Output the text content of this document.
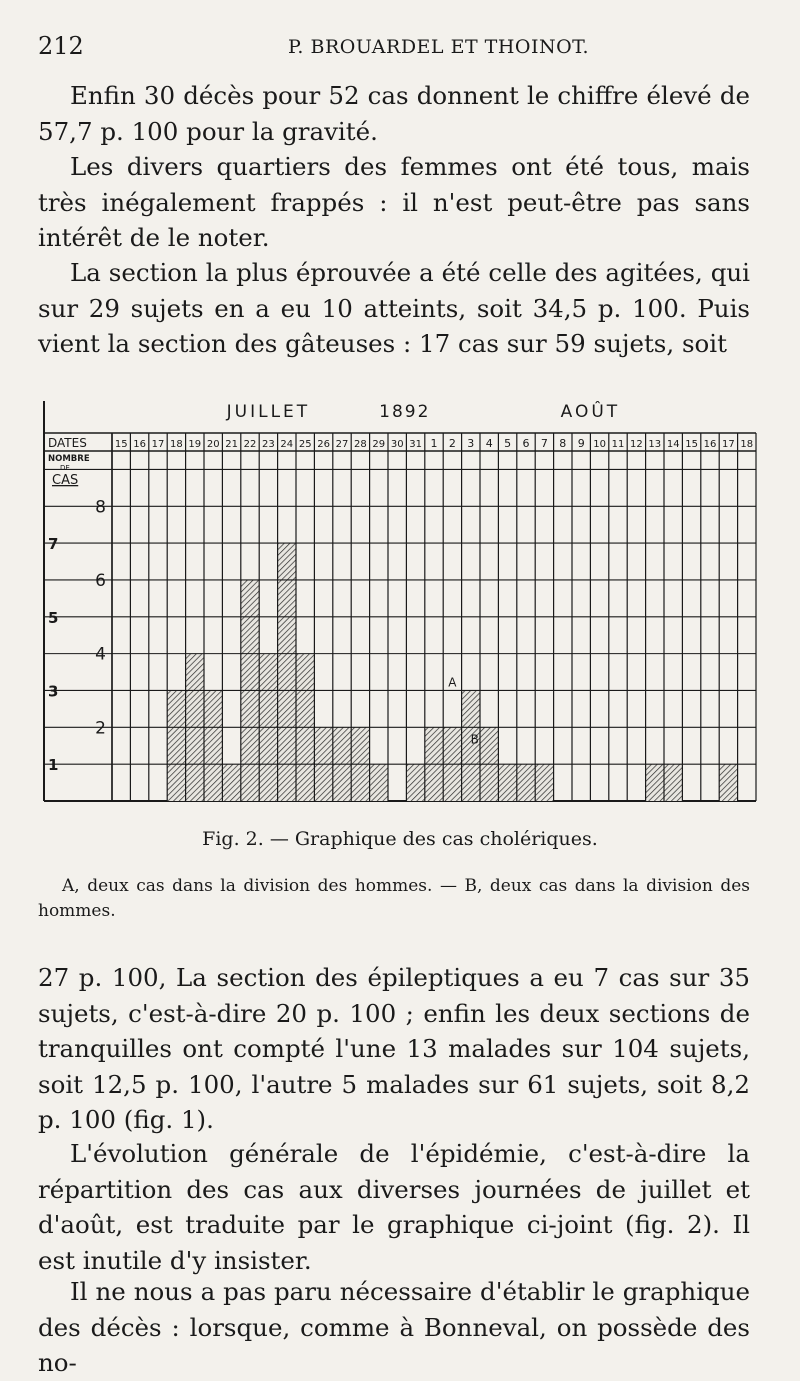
212	P. BROUARDEL ET THOINOT.

Enfin 30 décès pour 52 cas donnent le chiffre élevé de 57,7 p. 100 pour la gravité.

Les divers quartiers des femmes ont été tous, mais très inégalement frappés : il n'est peut-être pas sans intérêt de le noter.

La section la plus éprouvée a été celle des agitées, qui sur 29 sujets en a eu 10 atteints, soit 34,5 p. 100. Puis vient la section des gâteuses : 17 cas sur 59 sujets, soit

JUILLET	1892	AOÛT
15 16 17 18 19 20 21 22 23 24 25 26 27 28 29 30 31 1 2 3 4 5 6 7 8 9 10 11 12 13 14 15 16 17 18
DATES
NOMBRE
DE
CAS
2
4
6
8
1
3
5
7
A
B
Fig. 2. — Graphique des cas cholériques.

A, deux cas dans la division des hommes. — B, deux cas dans la division des hommes.

27 p. 100, La section des épileptiques a eu 7 cas sur 35 sujets, c'est-à-dire 20 p. 100 ; enfin les deux sections de tranquilles ont compté l'une 13 malades sur 104 sujets, soit 12,5 p. 100, l'autre 5 malades sur 61 sujets, soit 8,2 p. 100 (fig. 1).

L'évolution générale de l'épidémie, c'est-à-dire la répartition des cas aux diverses journées de juillet et d'août, est traduite par le graphique ci-joint (fig. 2). Il est inutile d'y insister.

Il ne nous a pas paru nécessaire d'établir le graphique des décès : lorsque, comme à Bonneval, on possède des no-
